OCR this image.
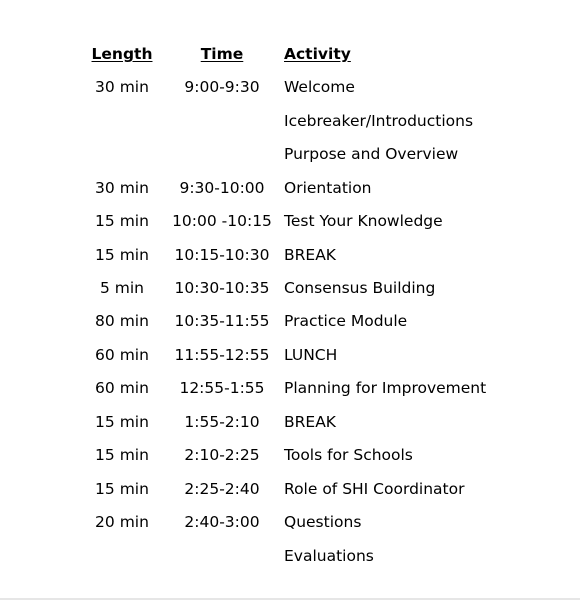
Length	Time	Activity
30 min	9:00-9:30	Welcome
Icebreaker/Introductions
Purpose and Overview
30 min	9:30-10:00	Orientation
15 min	10:00 -10:15 Test Your Knowledge
15 min	10:15-10:30 BREAK
5 min	10:30-10:35 Consensus Building
80 min	10:35-11:55 Practice Module
60 min	11:55-12:55 LUNCH
60 min	12:55-1:55	Planning for Improvement
15 min	1:55-2:10	BREAK
15 min	2:10-2:25	Tools for Schools
15 min	2:25-2:40	Role of SHI Coordinator
20 min	2:40-3:00	Questions
Evaluations
